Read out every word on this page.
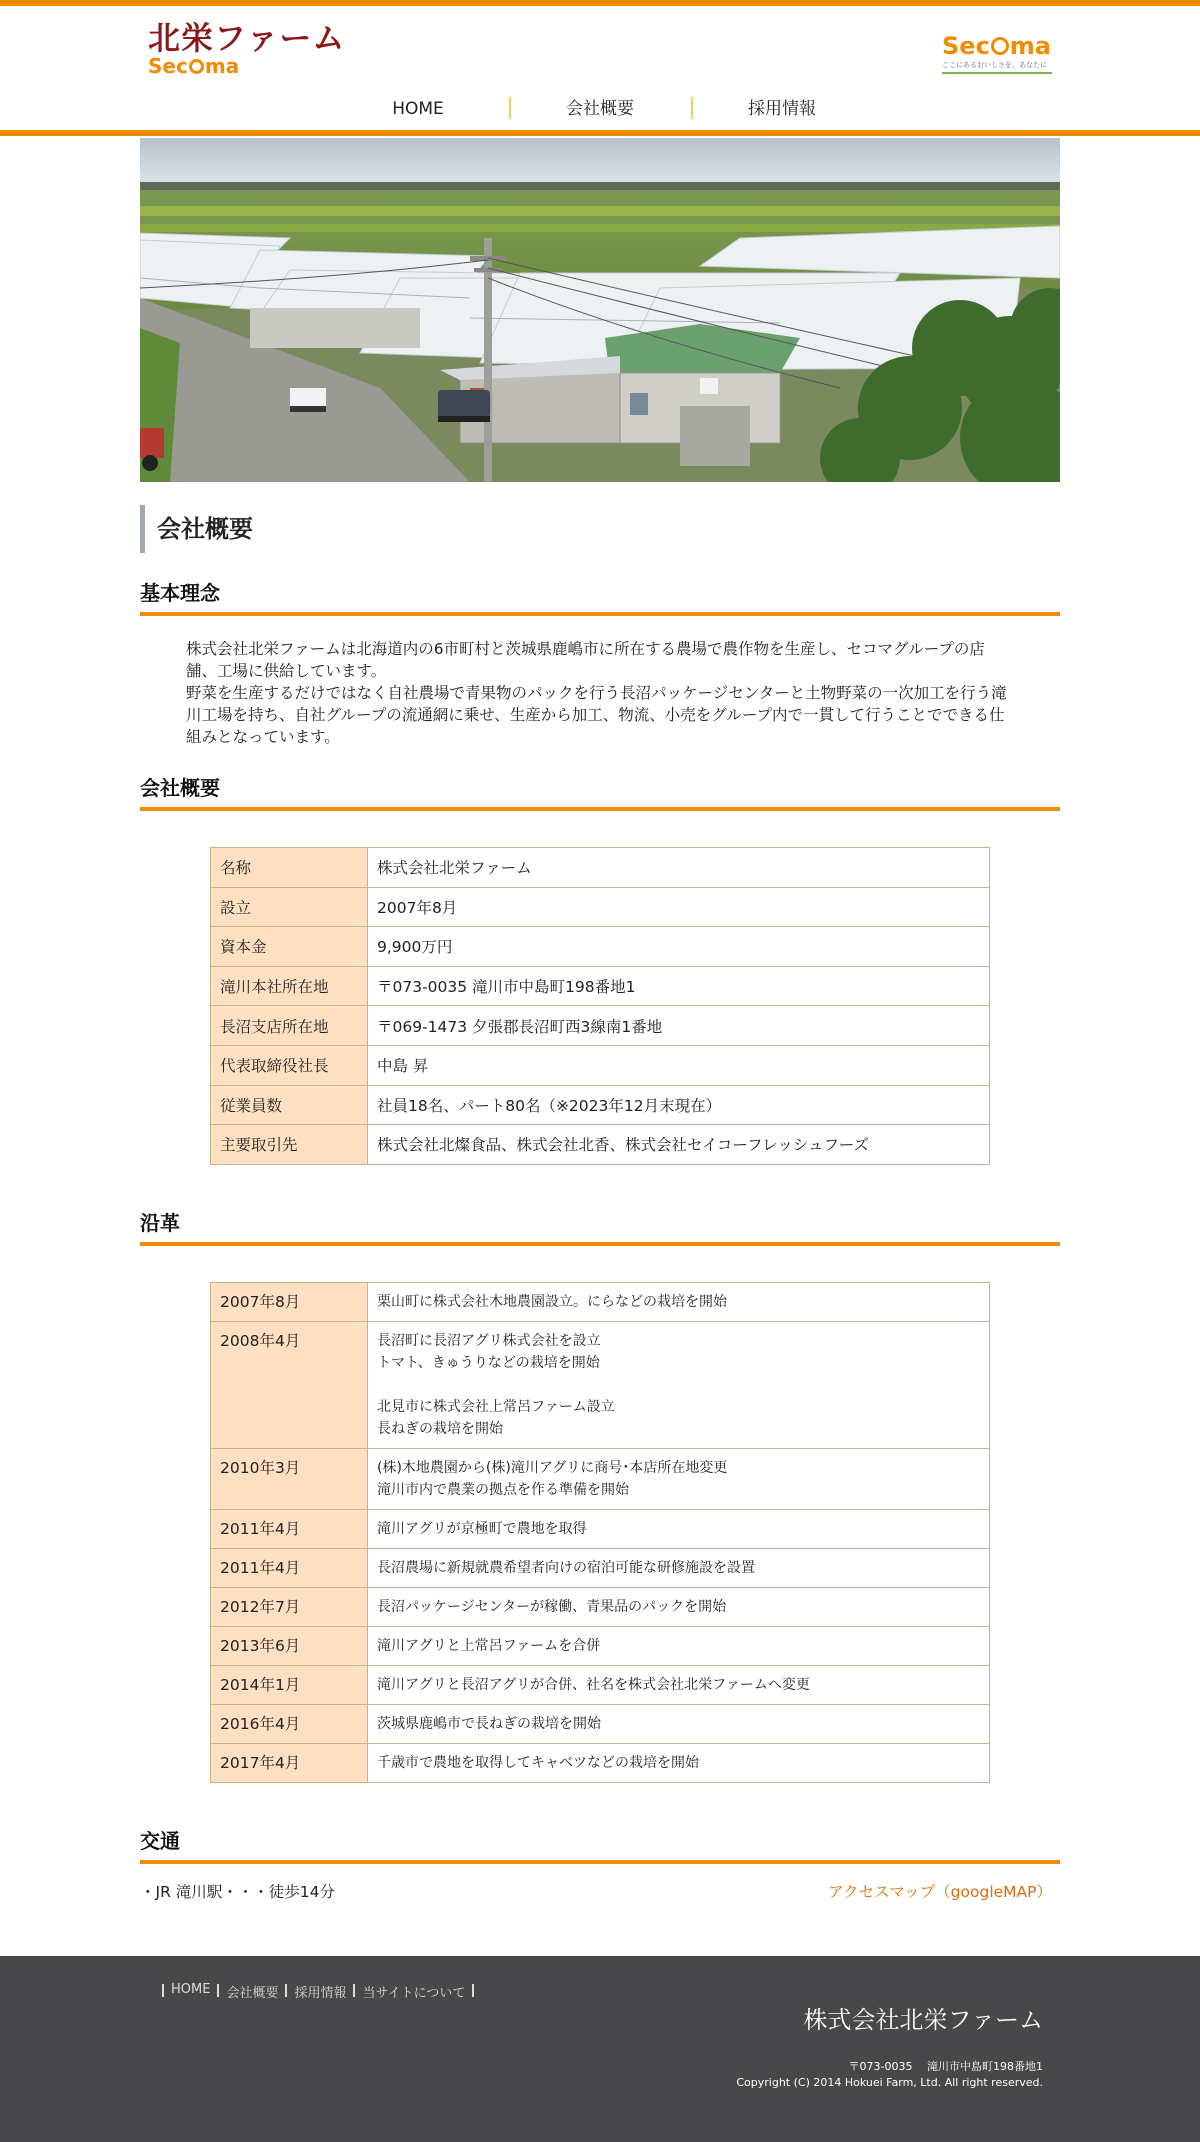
北栄ファーム
Sec ma
Sec ma
ここにあるおいしさを、あなたに
HOME	会社概要	採用情報
会社概要
基本理念

株式会社北栄ファームは北海道内の6市町村と茨城県鹿嶋市に所在する農場で農作物を生産し、セコマグループの店舗、工場に供給しています。

野菜を生産するだけではなく自社農場で青果物のパックを行う長沼パッケージセンターと土物野菜の一次加工を行う滝川工場を持ち、自社グループの流通網に乗せ、生産から加工、物流、小売をグループ内で一貫して行うことでできる仕組みとなっています。

会社概要
名称	株式会社北栄ファーム
設立	2007年8月
資本金	9,900万円
滝川本社所在地	〒073-0035 滝川市中島町198番地1
長沼支店所在地	〒069-1473 夕張郡長沼町西3線南1番地
代表取締役社長	中島 昇
従業員数	社員18名、パート80名（※2023年12月末現在）
主要取引先	株式会社北燦食品、株式会社北香、株式会社セイコーフレッシュフーズ
沿革
2007年8月	栗山町に株式会社木地農園設立。にらなどの栽培を開始

2008年4月	長沼町に長沼アグリ株式会社を設立
トマト、きゅうりなどの栽培を開始
北見市に株式会社上常呂ファーム設立
長ねぎの栽培を開始

2010年3月	(株)木地農園から(株)滝川アグリに商号･本店所在地変更
滝川市内で農業の拠点を作る準備を開始

2011年4月	滝川アグリが京極町で農地を取得

2011年4月	長沼農場に新規就農希望者向けの宿泊可能な研修施設を設置

2012年7月	長沼パッケージセンターが稼働、青果品のパックを開始

2013年6月	滝川アグリと上常呂ファームを合併

2014年1月	滝川アグリと長沼アグリが合併、社名を株式会社北栄ファームへ変更

2016年4月	茨城県鹿嶋市で長ねぎの栽培を開始

2017年4月	千歳市で農地を取得してキャベツなどの栽培を開始
交通
・JR 滝川駅・・・徒歩14分	アクセスマップ（googleMAP）
HOME 会社概要 採用情報 当サイトについて
株式会社北栄ファーム
〒073-0035　 滝川市中島町198番地1
Copyright (C) 2014 Hokuei Farm, Ltd. All right reserved.
